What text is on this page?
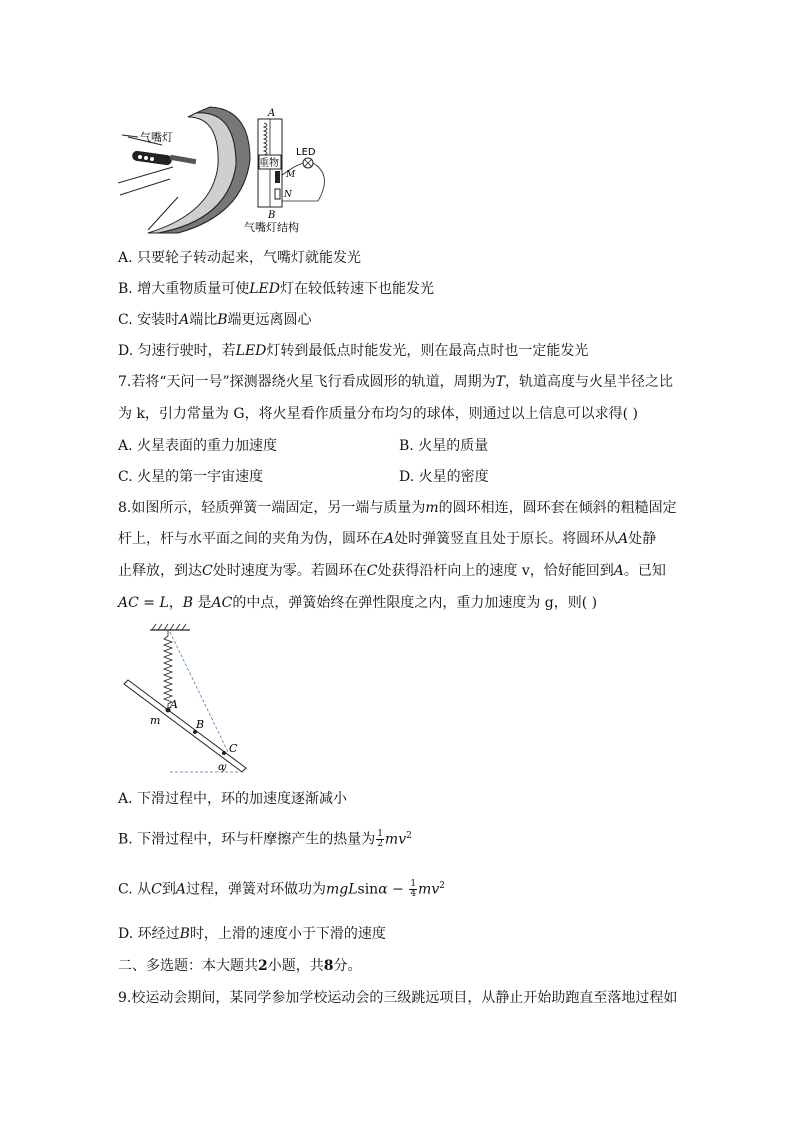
气嘴灯
A
B
重物
LED
M
N
气嘴灯结构
A. 只要轮子转动起来，气嘴灯就能发光
B. 增大重物质量可使LED灯在较低转速下也能发光
C. 安装时A端比B端更远离圆心
D. 匀速行驶时，若LED灯转到最低点时能发光，则在最高点时也一定能发光
7.若将“天问一号”探测器绕火星飞行看成圆形的轨道，周期为T，轨道高度与火星半径之比
为 k，引力常量为 G，将火星看作质量分布均匀的球体，则通过以上信息可以求得( )
A. 火星表面的重力加速度	B. 火星的质量
C. 火星的第一宇宙速度	D. 火星的密度
8.如图所示，轻质弹簧一端固定，另一端与质量为m的圆环相连，圆环套在倾斜的粗糙固定
杆上，杆与水平面之间的夹角为伪，圆环在A处时弹簧竖直且处于原长。将圆环从A处静
止释放，到达C处时速度为零。若圆环在C处获得沿杆向上的速度 v，恰好能回到A。已知
AC = L，B 是AC的中点，弹簧始终在弹性限度之内，重力加速度为 g，则( )
A
m	B
C
α
A. 下滑过程中，环的加速度逐渐减小
B. 下滑过程中，环与杆摩擦产生的热量为 $\frac{1}{2} mv^2$
C. 从C到A过程，弹簧对环做功为$mgLsin\alpha - \frac{1}{4} mv^2$
D. 环经过B时，上滑的速度小于下滑的速度
二、多选题：本大题共2小题，共8分。
9.校运动会期间，某同学参加学校运动会的三级跳远项目，从静止开始助跑直至落地过程如
